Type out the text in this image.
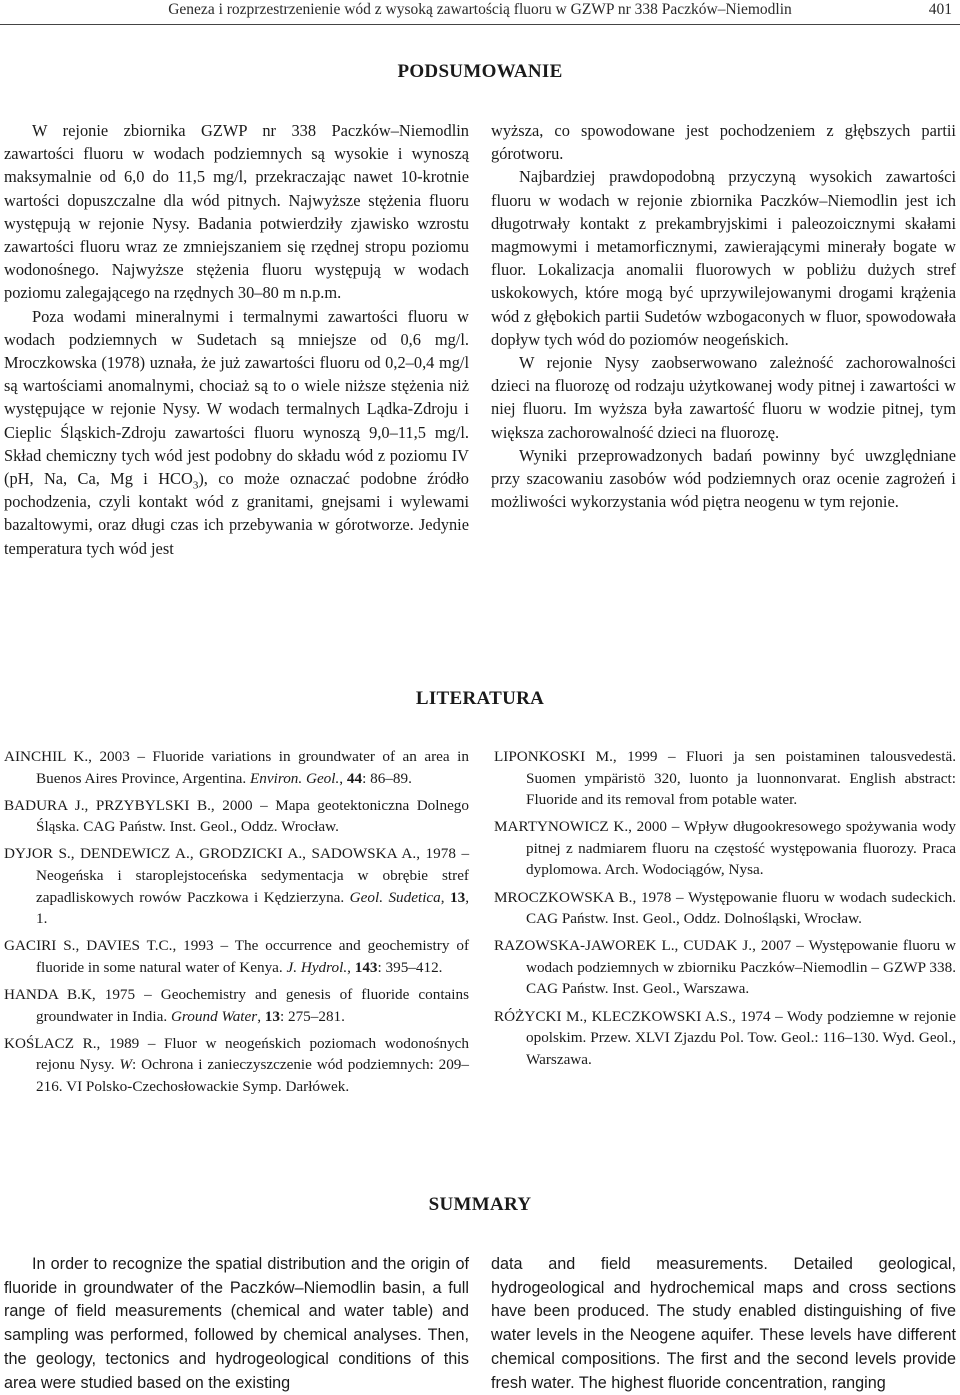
Geneza i rozprzestrzenienie wód z wysoką zawartością fluoru w GZWP nr 338 Paczków–Niemodlin	401
PODSUMOWANIE

W rejonie zbiornika GZWP nr 338 Paczków–Niemodlin zawartości fluoru w wodach podziemnych są wysokie i wynoszą maksymalnie od 6,0 do 11,5 mg/l, przekraczając nawet 10-krotnie wartości dopuszczalne dla wód pitnych. Najwyższe stężenia fluoru występują w rejonie Nysy. Badania potwierdziły zjawisko wzrostu zawartości fluoru wraz ze zmniejszaniem się rzędnej stropu poziomu wodonośnego. Najwyższe stężenia fluoru występują w wodach poziomu zalegającego na rzędnych 30–80 m n.p.m.

Poza wodami mineralnymi i termalnymi zawartości fluoru w wodach podziemnych w Sudetach są mniejsze od 0,6 mg/l. Mroczkowska (1978) uznała, że już zawartości fluoru od 0,2–0,4 mg/l są wartościami anomalnymi, chociaż są to o wiele niższe stężenia niż występujące w rejonie Nysy. W wodach termalnych Lądka-Zdroju i Cieplic Śląskich-Zdroju zawartości fluoru wynoszą 9,0–11,5 mg/l. Skład chemiczny tych wód jest podobny do składu wód z poziomu IV (pH, Na, Ca, Mg i $HCO_3$), co może oznaczać podobne źródło pochodzenia, czyli kontakt wód z granitami, gnejsami i wylewami bazaltowymi, oraz długi czas ich przebywania w górotworze. Jedynie temperatura tych wód jest

wyższa, co spowodowane jest pochodzeniem z głębszych partii górotworu.

Najbardziej prawdopodobną przyczyną wysokich zawartości fluoru w wodach w rejonie zbiornika Paczków–Niemodlin jest ich długotrwały kontakt z prekambryjskimi i paleozoicznymi skałami magmowymi i metamorficznymi, zawierającymi minerały bogate w fluor. Lokalizacja anomalii fluorowych w pobliżu dużych stref uskokowych, które mogą być uprzywilejowanymi drogami krążenia wód z głębokich partii Sudetów wzbogaconych w fluor, spowodowała dopływ tych wód do poziomów neogeńskich.

W rejonie Nysy zaobserwowano zależność zachorowalności dzieci na fluorozę od rodzaju użytkowanej wody pitnej i zawartości w niej fluoru. Im wyższa była zawartość fluoru w wodzie pitnej, tym większa zachorowalność dzieci na fluorozę.

Wyniki przeprowadzonych badań powinny być uwzględniane przy szacowaniu zasobów wód podziemnych oraz ocenie zagrożeń i możliwości wykorzystania wód piętra neogenu w tym rejonie.

LITERATURA

AINCHIL K., 2003 – Fluoride variations in groundwater of an area in Buenos Aires Province, Argentina. Environ. Geol., 44: 86–89.

BADURA J., PRZYBYLSKI B., 2000 – Mapa geotektoniczna Dolnego Śląska. CAG Państw. Inst. Geol., Oddz. Wrocław.

DYJOR S., DENDEWICZ A., GRODZICKI A., SADOWSKA A., 1978 – Neogeńska i staroplejstoceńska sedymentacja w obrębie stref zapadliskowych rowów Paczkowa i Kędzierzyna. Geol. Sudetica, 13, 1.

GACIRI S., DAVIES T.C., 1993 – The occurrence and geochemistry of fluoride in some natural water of Kenya. J. Hydrol., 143: 395–412.

HANDA B.K, 1975 – Geochemistry and genesis of fluoride contains groundwater in India. Ground Water, 13: 275–281.

KOŚLACZ R., 1989 – Fluor w neogeńskich poziomach wodonośnych rejonu Nysy. W: Ochrona i zanieczyszczenie wód podziemnych: 209–216. VI Polsko-Czechosłowackie Symp. Darłówek.

LIPONKOSKI M., 1999 – Fluori ja sen poistaminen talousvedestä. Suomen ympäristö 320, luonto ja luonnonvarat. English abstract: Fluoride and its removal from potable water.

MARTYNOWICZ K., 2000 – Wpływ długookresowego spożywania wody pitnej z nadmiarem fluoru na częstość występowania fluorozy. Praca dyplomowa. Arch. Wodociągów, Nysa.

MROCZKOWSKA B., 1978 – Występowanie fluoru w wodach sudeckich. CAG Państw. Inst. Geol., Oddz. Dolnośląski, Wrocław.

RAZOWSKA-JAWOREK L., CUDAK J., 2007 – Występowanie fluoru w wodach podziemnych w zbiorniku Paczków–Niemodlin – GZWP 338. CAG Państw. Inst. Geol., Warszawa.

RÓŻYCKI M., KLECZKOWSKI A.S., 1974 – Wody podziemne w rejonie opolskim. Przew. XLVI Zjazdu Pol. Tow. Geol.: 116–130. Wyd. Geol., Warszawa.

SUMMARY

In order to recognize the spatial distribution and the origin of fluoride in groundwater of the Paczków–Niemodlin basin, a full range of field measurements (chemical and water table) and sampling was performed, followed by chemical analyses. Then, the geology, tectonics and hydrogeological conditions of this area were studied based on the existing

data and field measurements. Detailed geological, hydrogeological and hydrochemical maps and cross sections have been produced. The study enabled distinguishing of five water levels in the Neogene aquifer. These levels have different chemical compositions. The first and the second levels provide fresh water. The highest fluoride concentration, ranging
